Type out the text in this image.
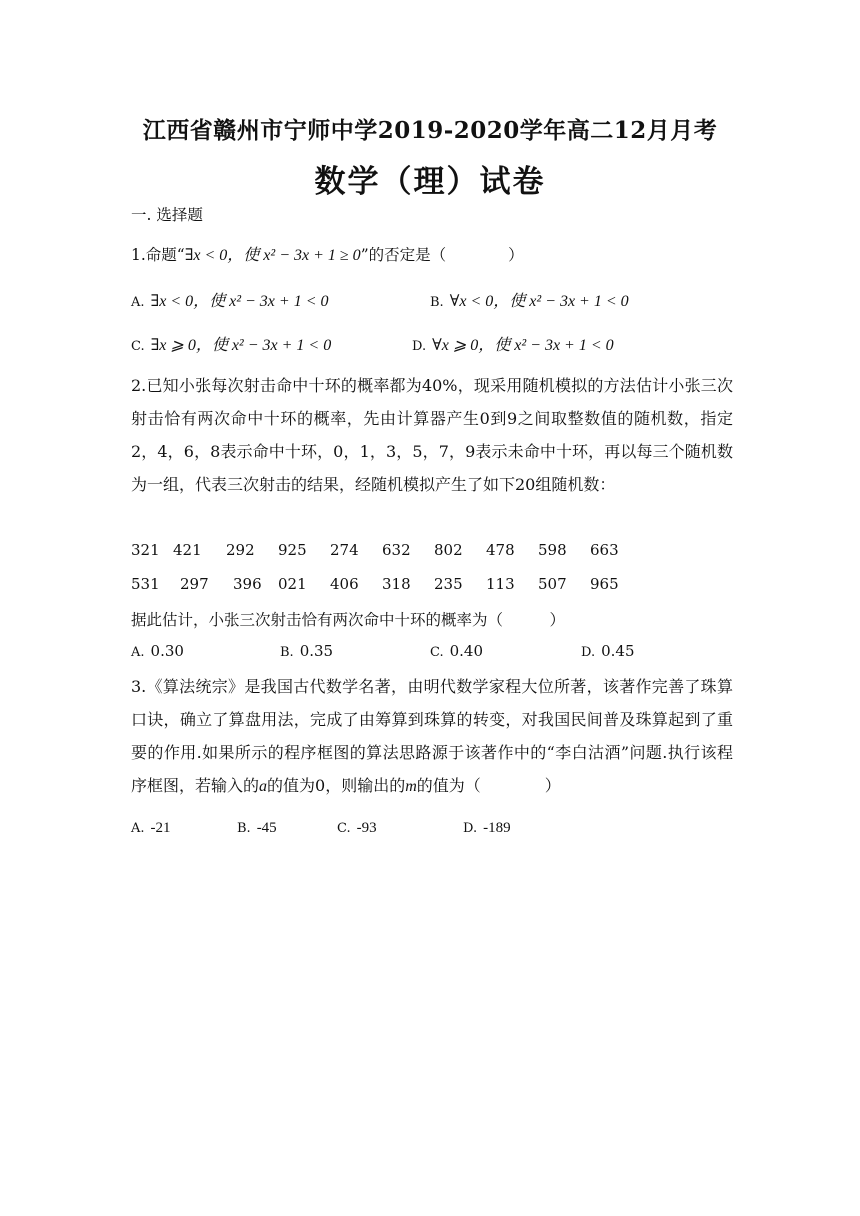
江西省赣州市宁师中学2019-2020学年高二12月月考
数学（理）试卷
一. 选择题
1.命题“∃x < 0，使 x² − 3x + 1 ≥ 0”的否定是（　　　　）
A. ∃x < 0，使 x² − 3x + 1 < 0	B. ∀x < 0，使 x² − 3x + 1 < 0
C. ∃x ⩾ 0，使 x² − 3x + 1 < 0	D. ∀x ⩾ 0，使 x² − 3x + 1 < 0
2.已知小张每次射击命中十环的概率都为40%，现采用随机模拟的方法估计小张三次射击恰有两次命中十环的概率，先由计算器产生0到9之间取整数值的随机数，指定2，4，6，8表示命中十环，0，1，3，5，7，9表示未命中十环，再以每三个随机数为一组，代表三次射击的结果，经随机模拟产生了如下20组随机数：
321 421 292 925 274 632 802 478 598 663
531 297 396 021 406 318 235 113 507 965
据此估计，小张三次射击恰有两次命中十环的概率为（　　　）
A. 0.30	B. 0.35	C. 0.40	D. 0.45
3.《算法统宗》是我国古代数学名著，由明代数学家程大位所著，该著作完善了珠算口诀，确立了算盘用法，完成了由筹算到珠算的转变，对我国民间普及珠算起到了重要的作用.如果所示的程序框图的算法思路源于该著作中的“李白沽酒”问题.执行该程序框图，若输入的a的值为0，则输出的m的值为（　　　　）
A. -21	B. -45	C. -93	D. -189
